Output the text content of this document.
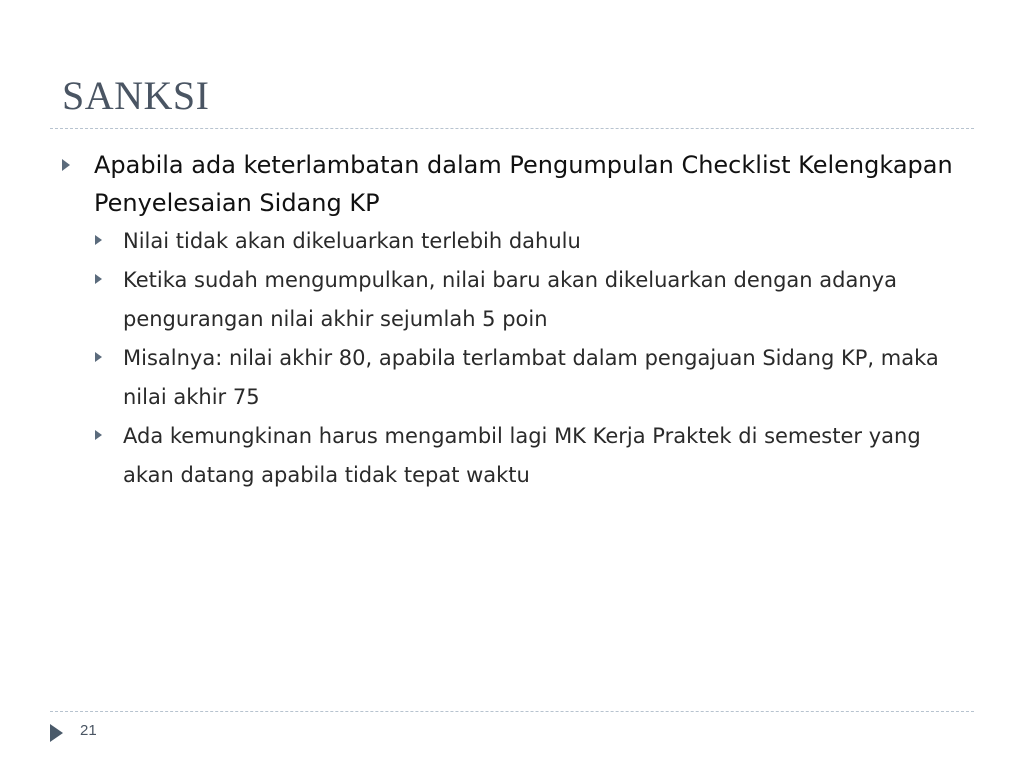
SANKSI
Apabila ada keterlambatan dalam Pengumpulan Checklist Kelengkapan Penyelesaian Sidang KP
Nilai tidak akan dikeluarkan terlebih dahulu
Ketika sudah mengumpulkan, nilai baru akan dikeluarkan dengan adanya pengurangan nilai akhir sejumlah 5 poin
Misalnya: nilai akhir 80, apabila terlambat dalam pengajuan Sidang KP, maka nilai akhir 75
Ada kemungkinan harus mengambil lagi MK Kerja Praktek di semester yang akan datang apabila tidak tepat waktu
21
